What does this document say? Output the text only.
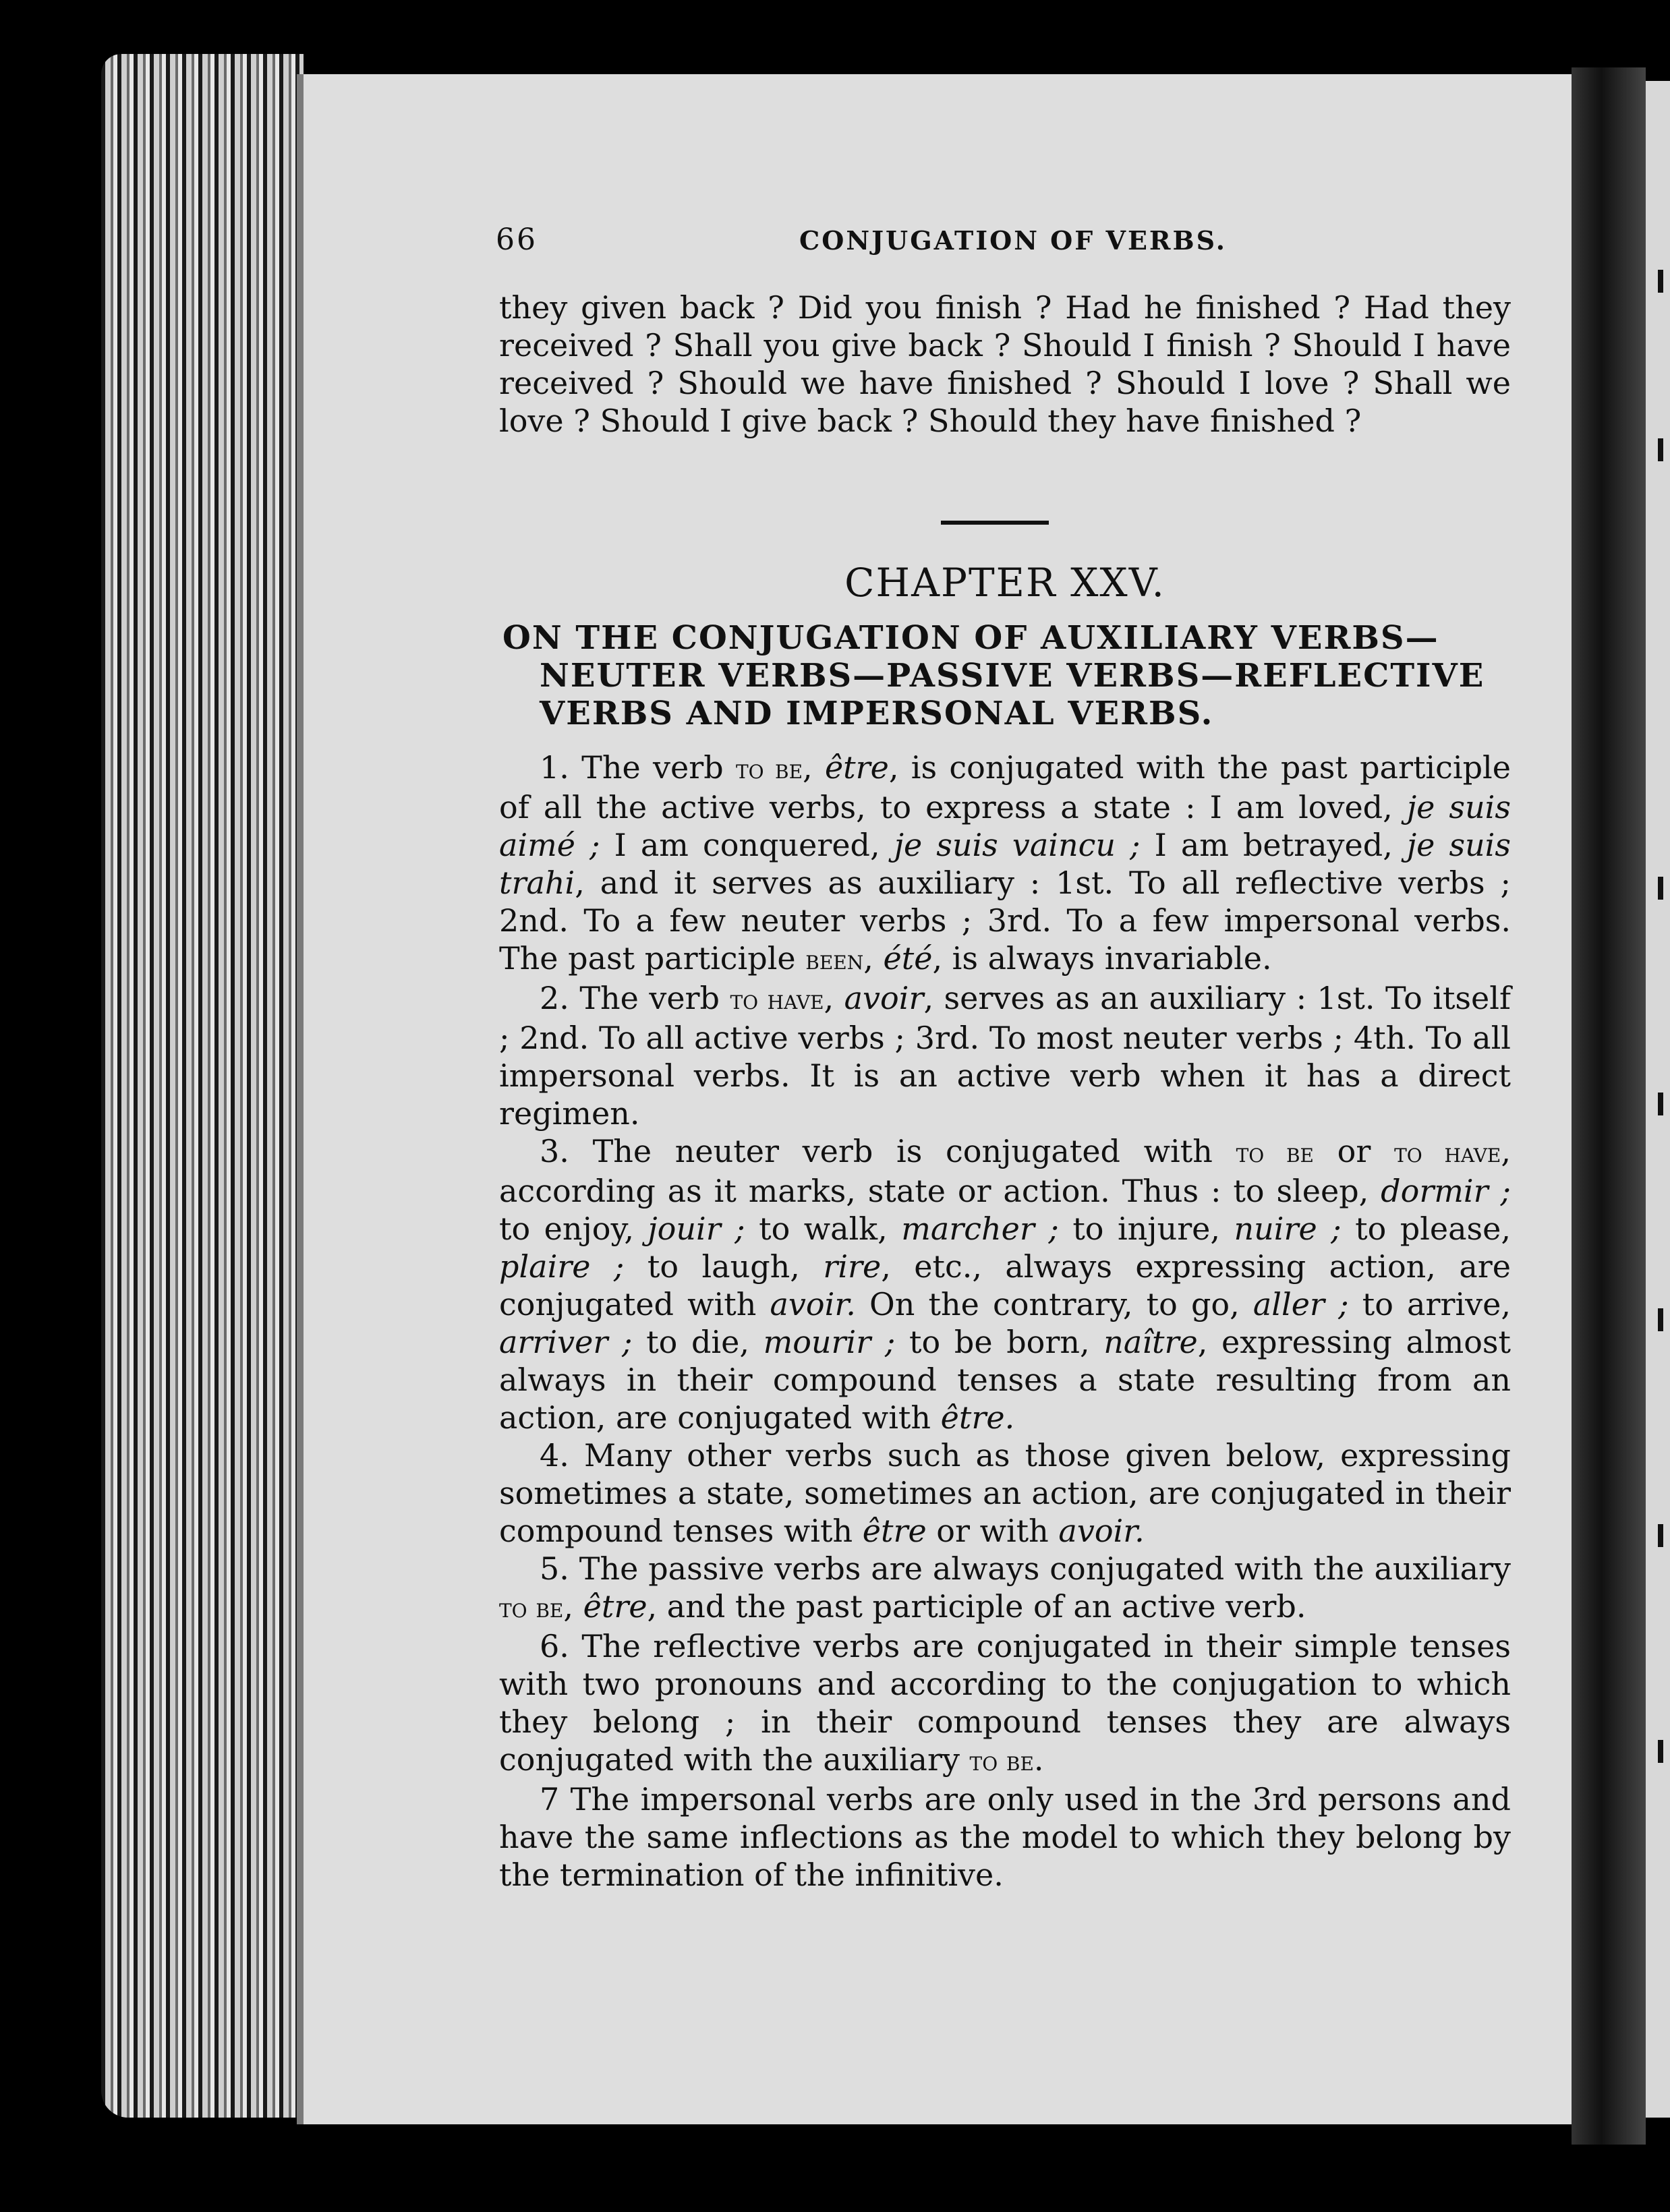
66	CONJUGATION OF VERBS.
they given back ? Did you finish ? Had he finished ? Had they received ? Shall you give back ? Should I finish ? Should I have received ? Should we have finished ? Should I love ? Shall we love ? Should I give back ? Should they have finished ?
CHAPTER XXV.
ON THE CONJUGATION OF AUXILIARY VERBS—
NEUTER VERBS—PASSIVE VERBS—REFLECTIVE
VERBS AND IMPERSONAL VERBS.

1. The verb to be, être, is conjugated with the past participle of all the active verbs, to express a state : I am loved, je suis aimé ; I am conquered, je suis vaincu ; I am betrayed, je suis trahi, and it serves as auxiliary : 1st. To all reflective verbs ; 2nd. To a few neuter verbs ; 3rd. To a few impersonal verbs. The past participle been, été, is always invariable.

2. The verb to have, avoir, serves as an auxiliary : 1st. To itself ; 2nd. To all active verbs ; 3rd. To most neuter verbs ; 4th. To all impersonal verbs. It is an active verb when it has a direct regimen.

3. The neuter verb is conjugated with to be or to have, according as it marks, state or action. Thus : to sleep, dormir ; to enjoy, jouir ; to walk, marcher ; to injure, nuire ; to please, plaire ; to laugh, rire, etc., always expressing action, are conjugated with avoir. On the contrary, to go, aller ; to arrive, arriver ; to die, mourir ; to be born, naître, expressing almost always in their compound tenses a state resulting from an action, are conjugated with être.

4. Many other verbs such as those given below, expressing sometimes a state, sometimes an action, are conjugated in their compound tenses with être or with avoir.

5. The passive verbs are always conjugated with the auxiliary to be, être, and the past participle of an active verb.

6. The reflective verbs are conjugated in their simple tenses with two pronouns and according to the conjugation to which they belong ; in their compound tenses they are always conjugated with the auxiliary to be.

7 The impersonal verbs are only used in the 3rd persons and have the same inflections as the model to which they belong by the termination of the infinitive.
